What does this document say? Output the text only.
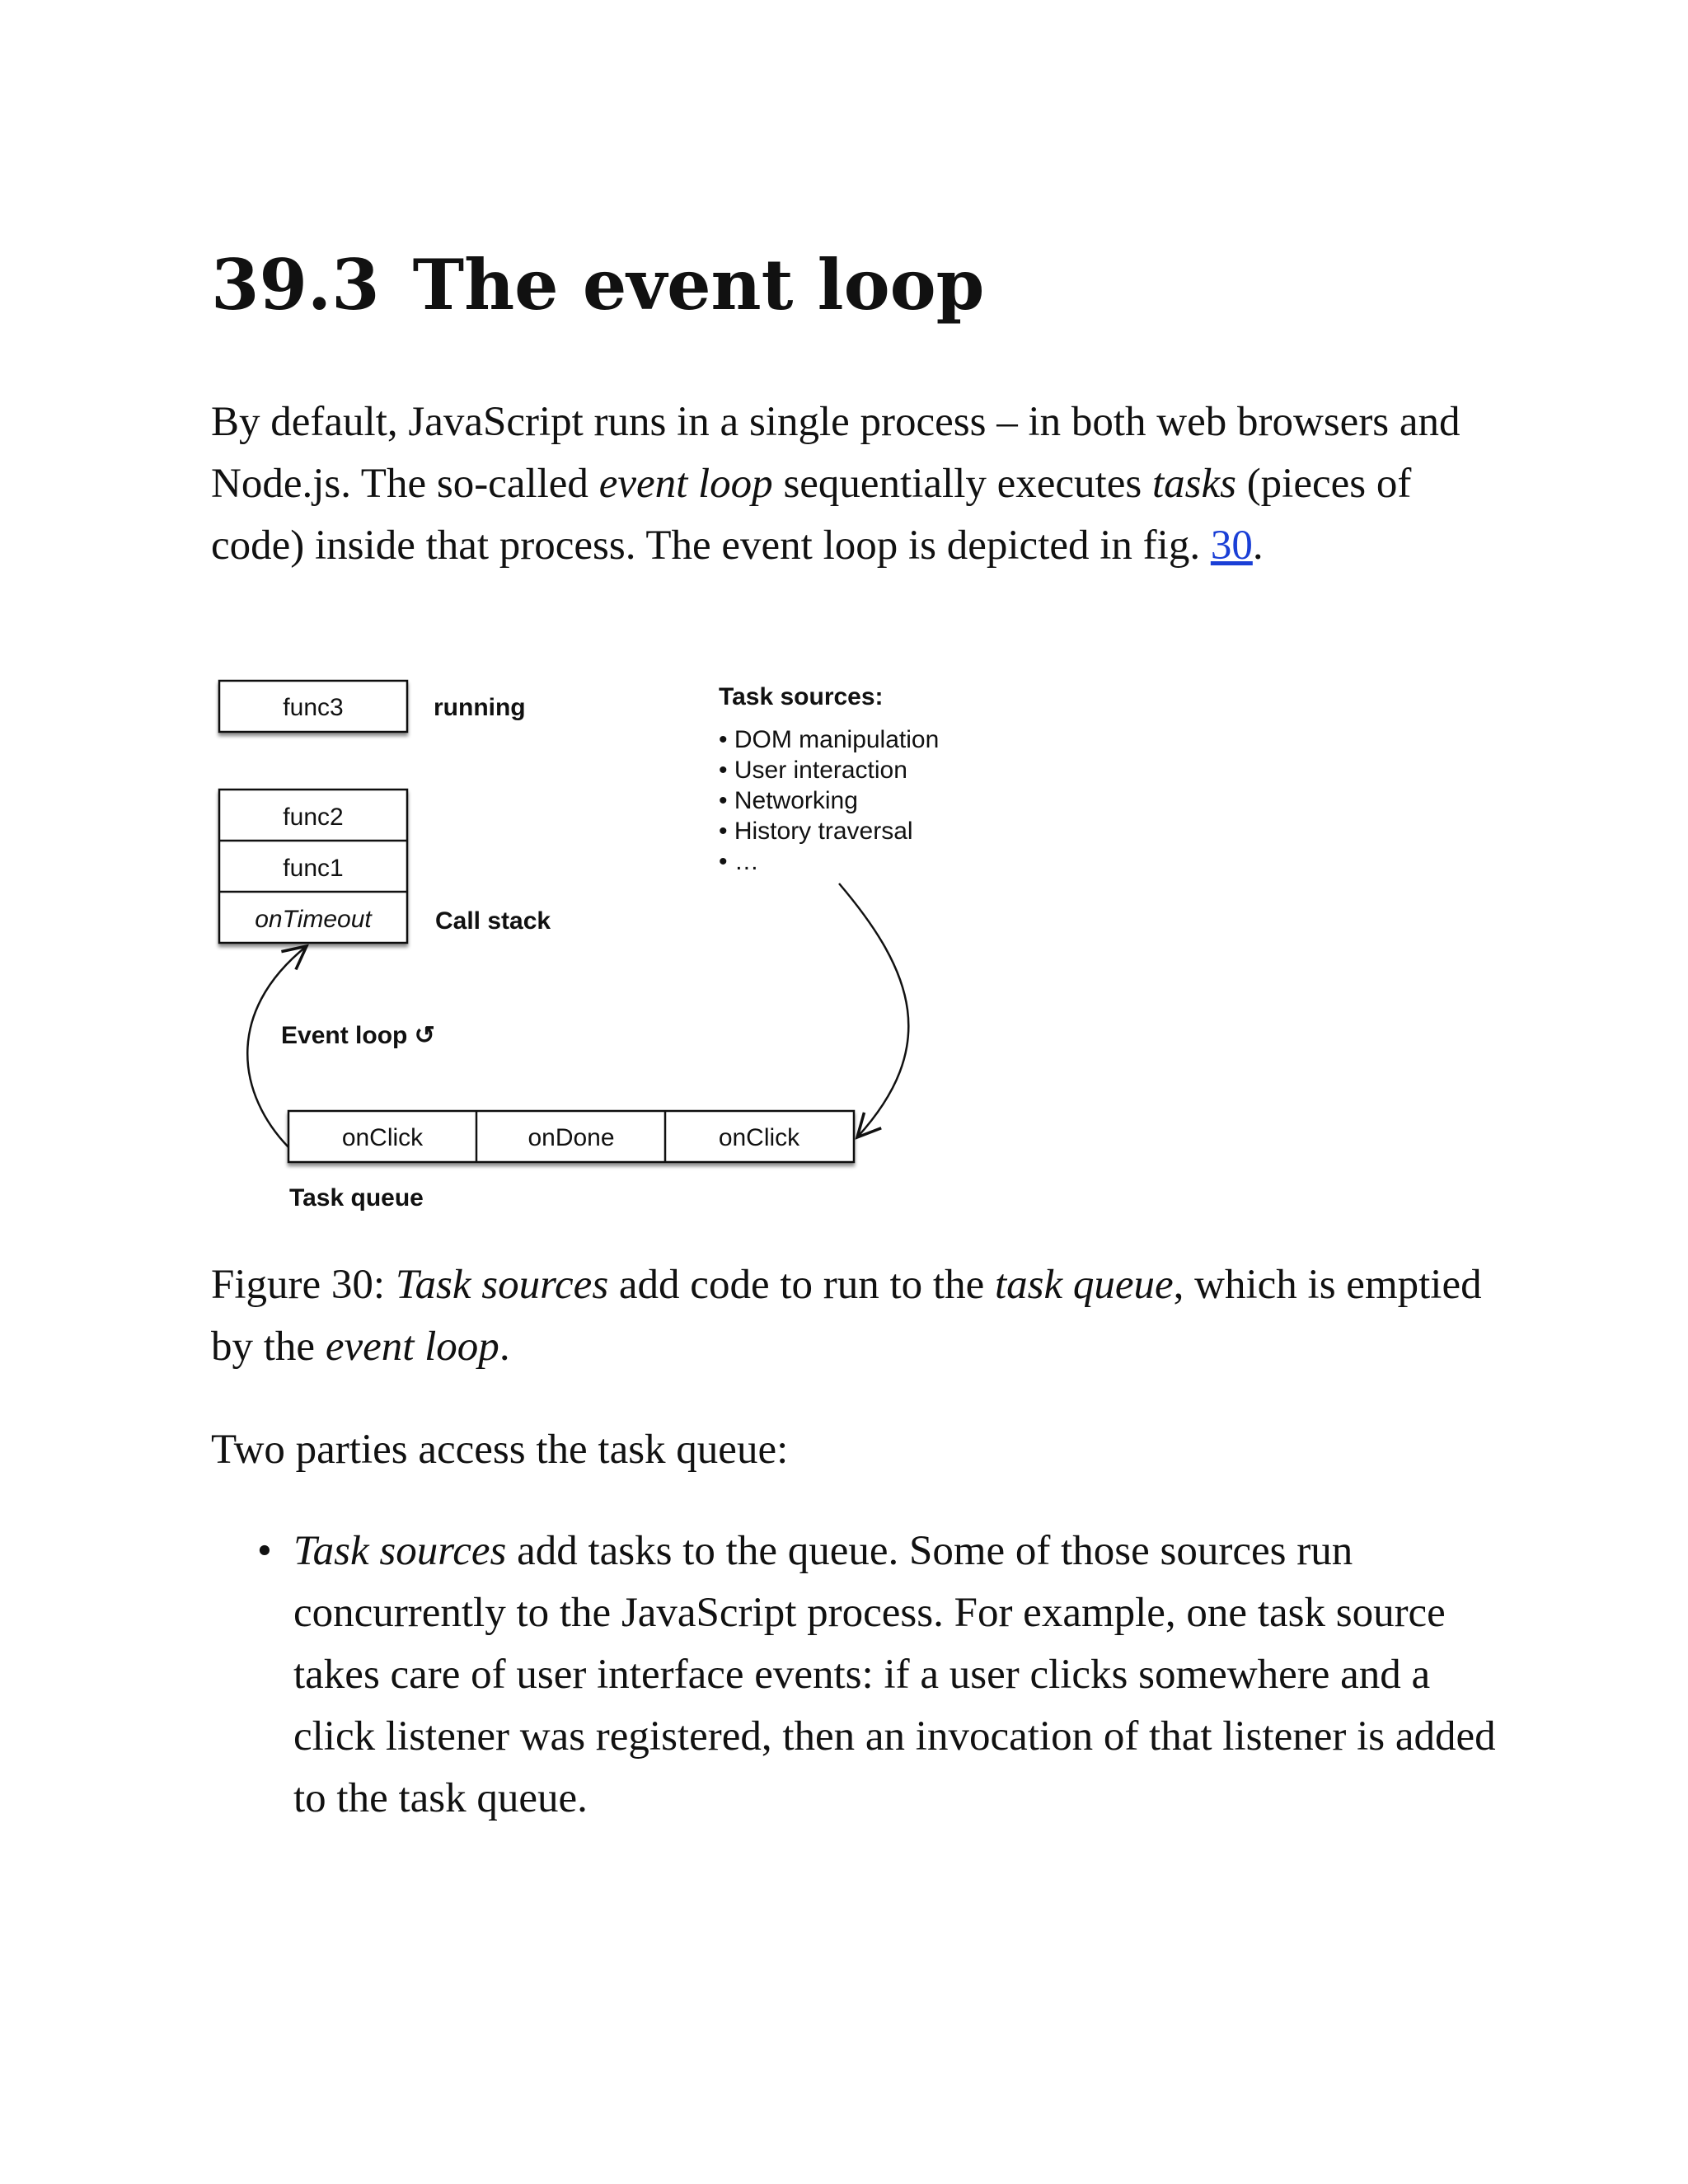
39.3 The event loop

By default, JavaScript runs in a single process – in both web browsers and Node.js. The so-called event loop sequentially executes tasks (pieces of code) inside that process. The event loop is depicted in fig. 30.

func3	running
func2
func1
onTimeout	Call stack
Event loop ↺
onClick	onDone	onClick
Task queue
Task sources:
• DOM manipulation
• User interaction
• Networking
• History traversal
• …

Figure 30: Task sources add code to run to the task queue, which is emptied by the event loop.

Two parties access the task queue:

• Task sources add tasks to the queue. Some of those sources run concurrently to the JavaScript process. For example, one task source takes care of user interface events: if a user clicks somewhere and a click listener was registered, then an invocation of that listener is added to the task queue.
